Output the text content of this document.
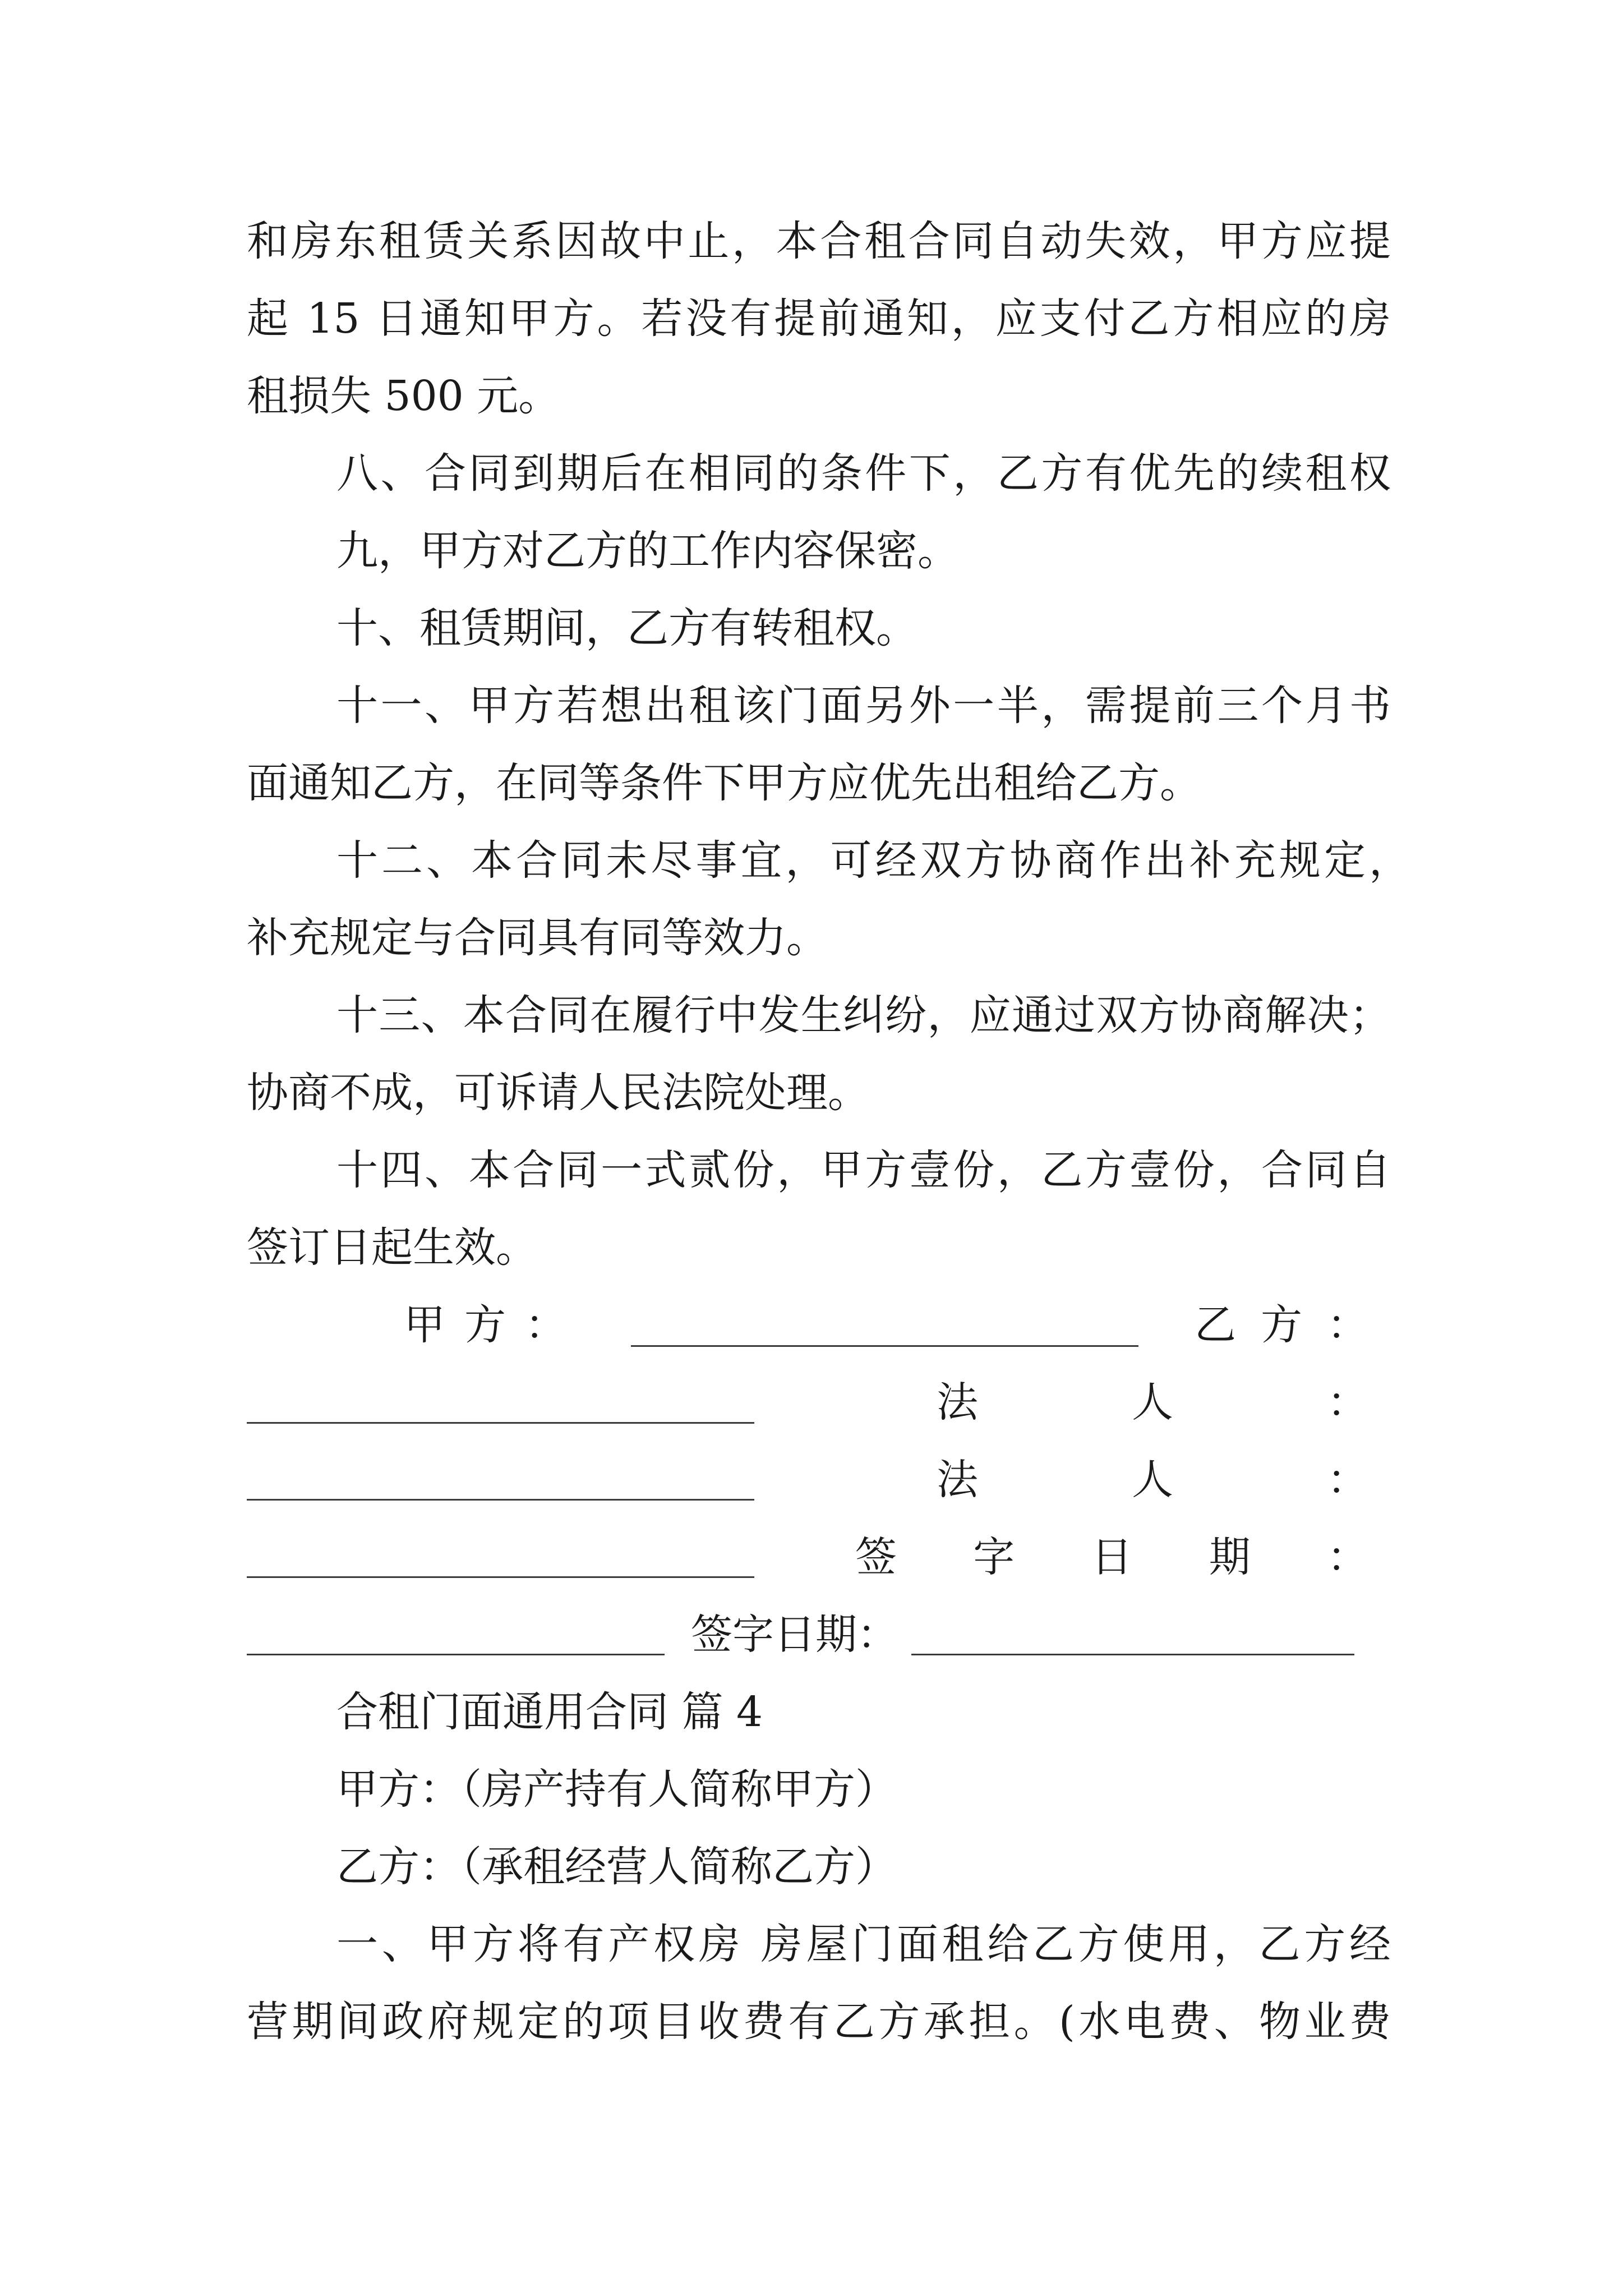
和房东租赁关系因故中止，本合租合同自动失效，甲方应提
起 15 日通知甲方。若没有提前通知，应支付乙方相应的房
租损失 500 元。
八、合同到期后在相同的条件下，乙方有优先的续租权
九，甲方对乙方的工作内容保密。
十、租赁期间，乙方有转租权。
十一、甲方若想出租该门面另外一半，需提前三个月书
面通知乙方，在同等条件下甲方应优先出租给乙方。
十二、本合同未尽事宜，可经双方协商作出补充规定，
补充规定与合同具有同等效力。
十三、本合同在履行中发生纠纷，应通过双方协商解决；
协商不成，可诉请人民法院处理。
十四、本合同一式贰份，甲方壹份，乙方壹份，合同自
签订日起生效。
甲 方 ：	乙 方 ：
法	人	：
法	人	：
签 字 日 期 ：
签字日期：
合租门面通用合同 篇 4
甲方：（房产持有人简称甲方）
乙方：（承租经营人简称乙方）
一、甲方将有产权房 房屋门面租给乙方使用，乙方经
营期间政府规定的项目收费有乙方承担。(水电费、物业费
